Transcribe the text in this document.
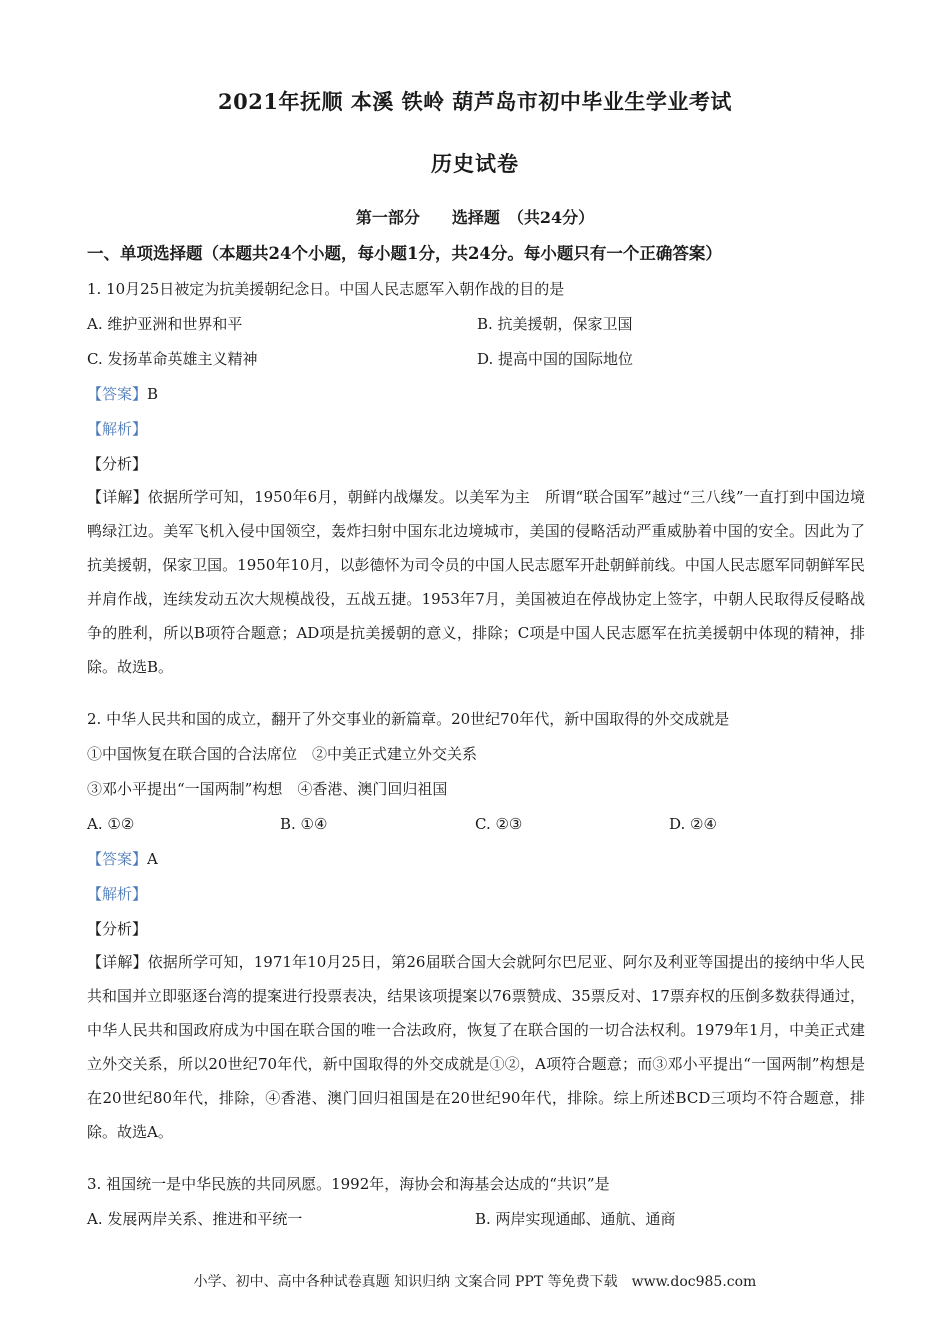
2021年抚顺 本溪 铁岭 葫芦岛市初中毕业生学业考试
历史试卷
第一部分　　选择题　（共24分）
一、单项选择题（本题共24个小题，每小题1分，共24分。每小题只有一个正确答案）
1. 10月25日被定为抗美援朝纪念日。中国人民志愿军入朝作战的目的是
A. 维护亚洲和世界和平	B. 抗美援朝，保家卫国
C. 发扬革命英雄主义精神	D. 提高中国的国际地位
【答案】B
【解析】
【分析】
【详解】依据所学可知，1950年6月，朝鲜内战爆发。以美军为主　所谓“联合国军”越过“三八线”一直打到中国边境鸭绿江边。美军飞机入侵中国领空，轰炸扫射中国东北边境城市，美国的侵略活动严重威胁着中国的安全。因此为了抗美援朝，保家卫国。1950年10月，以彭德怀为司令员的中国人民志愿军开赴朝鲜前线。中国人民志愿军同朝鲜军民并肩作战，连续发动五次大规模战役，五战五捷。1953年7月，美国被迫在停战协定上签字，中朝人民取得反侵略战争的胜利，所以B项符合题意；AD项是抗美援朝的意义，排除；C项是中国人民志愿军在抗美援朝中体现的精神，排除。故选B。
2. 中华人民共和国的成立，翻开了外交事业的新篇章。20世纪70年代，新中国取得的外交成就是
①中国恢复在联合国的合法席位　②中美正式建立外交关系
③邓小平提出“一国两制”构想　④香港、澳门回归祖国
A. ①②	B. ①④	C. ②③	D. ②④
【答案】A
【解析】
【分析】
【详解】依据所学可知，1971年10月25日，第26届联合国大会就阿尔巴尼亚、阿尔及利亚等国提出的接纳中华人民共和国并立即驱逐台湾的提案进行投票表决，结果该项提案以76票赞成、35票反对、17票弃权的压倒多数获得通过，中华人民共和国政府成为中国在联合国的唯一合法政府，恢复了在联合国的一切合法权利。1979年1月，中美正式建立外交关系，所以20世纪70年代，新中国取得的外交成就是①②，A项符合题意；而③邓小平提出“一国两制”构想是在20世纪80年代，排除，④香港、澳门回归祖国是在20世纪90年代，排除。综上所述BCD三项均不符合题意，排除。故选A。
3. 祖国统一是中华民族的共同夙愿。1992年，海协会和海基会达成的“共识”是
A. 发展两岸关系、推进和平统一	B. 两岸实现通邮、通航、通商
小学、初中、高中各种试卷真题 知识归纳 文案合同 PPT 等免费下载　www.doc985.com
